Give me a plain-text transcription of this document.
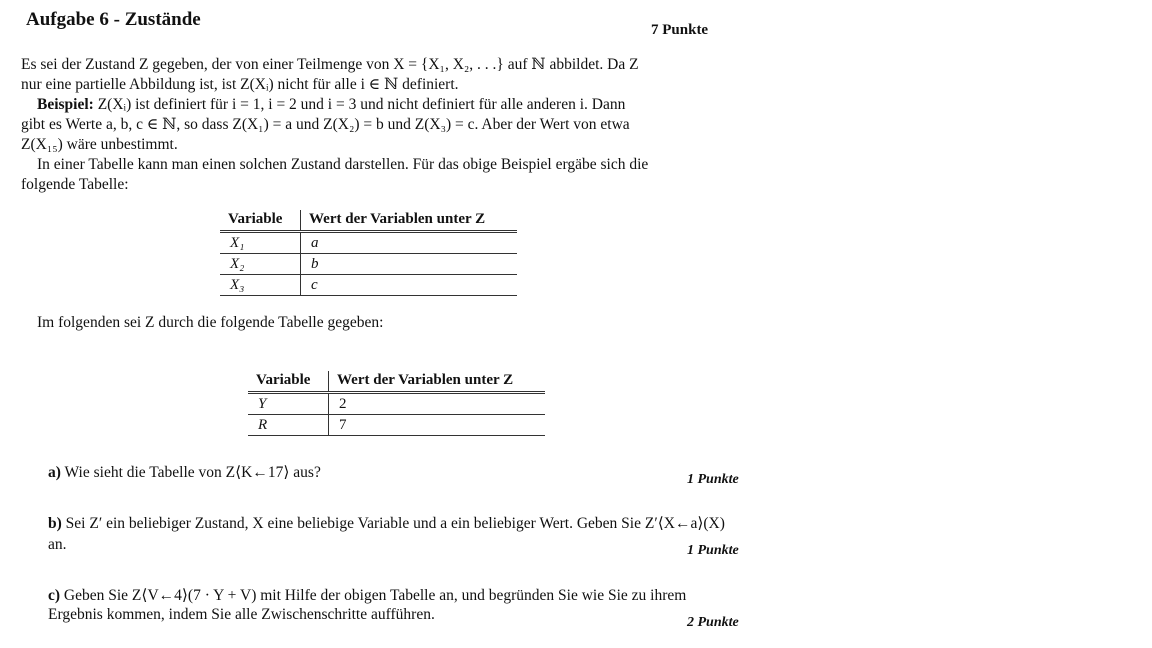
Aufgabe 6 - Zustände	7 Punkte
Es sei der Zustand Z gegeben, der von einer Teilmenge von X = {X₁, X₂, . . .} auf ℕ abbildet. Da Z
nur eine partielle Abbildung ist, ist Z(Xᵢ) nicht für alle i ∈ ℕ definiert.
Beispiel: Z(Xᵢ) ist definiert für i = 1, i = 2 und i = 3 und nicht definiert für alle anderen i. Dann
gibt es Werte a, b, c ∈ ℕ, so dass Z(X₁) = a und Z(X₂) = b und Z(X₃) = c. Aber der Wert von etwa
Z(X₁₅) wäre unbestimmt.
In einer Tabelle kann man einen solchen Zustand darstellen. Für das obige Beispiel ergäbe sich die
folgende Tabelle:
Variable	Wert der Variablen unter Z
X₁	a
X₂	b
X₃	c
Im folgenden sei Z durch die folgende Tabelle gegeben:
Variable	Wert der Variablen unter Z
Y	2
R	7
a) Wie sieht die Tabelle von Z⟨K←17⟩ aus?	1 Punkte
b) Sei Z′ ein beliebiger Zustand, X eine beliebige Variable und a ein beliebiger Wert. Geben Sie Z′⟨X←a⟩(X)
an.	1 Punkte
c) Geben Sie Z⟨V←4⟩(7 · Y + V) mit Hilfe der obigen Tabelle an, und begründen Sie wie Sie zu ihrem
Ergebnis kommen, indem Sie alle Zwischenschritte aufführen.	2 Punkte
